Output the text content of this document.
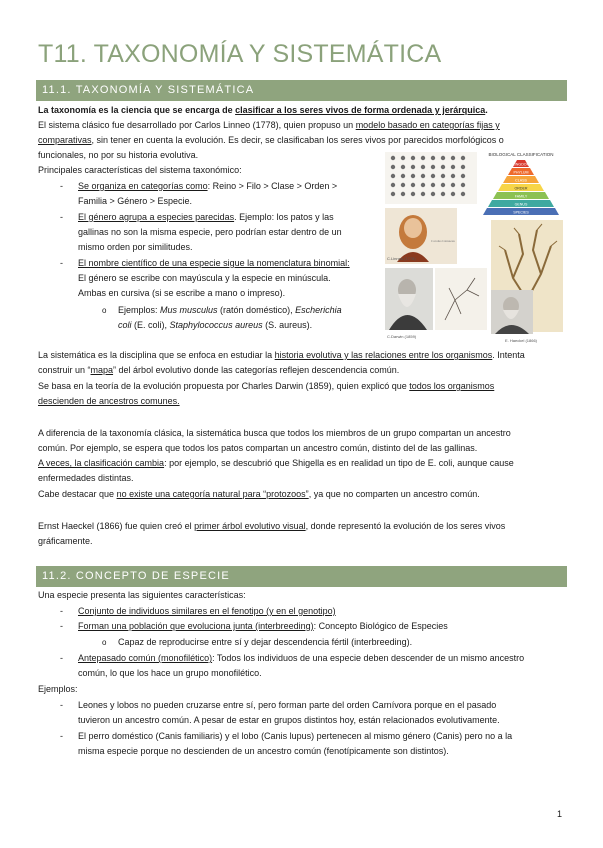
T11. TAXONOMÍA Y SISTEMÁTICA
11.1. TAXONOMÍA Y SISTEMÁTICA

La taxonomía es la ciencia que se encarga de clasificar a los seres vivos de forma ordenada y jerárquica.

El sistema clásico fue desarrollado por Carlos Linneo (1778), quien propuso un modelo basado en categorías fijas y

comparativas, sin tener en cuenta la evolución. Es decir, se clasificaban los seres vivos por parecidos morfológicos o

funcionales, no por su historia evolutiva.

Principales características del sistema taxonómico:

- Se organiza en categorías como: Reino > Filo > Clase > Orden >

Familia > Género > Especie.

- El género agrupa a especies parecidas. Ejemplo: los patos y las

gallinas no son la misma especie, pero podrían estar dentro de un

mismo orden por similitudes.

- El nombre científico de una especie sigue la nomenclatura binomial:

El género se escribe con mayúscula y la especie en minúscula.

Ambas en cursiva (si se escribe a mano o impreso).

o Ejemplos: Mus musculus (ratón doméstico), Escherichia

coli (E. coli), Staphylococcus aureus (S. aureus).

BIOLOGICAL CLASSIFICATION
KINGDOM
PHYLUM
CLASS
ORDER
FAMILY
GENUS
SPECIES
Carolus Linnaeus
C.Linneo (1778)
C.Darwin (1859)
E. Haeckel (1866)

La sistemática es la disciplina que se enfoca en estudiar la historia evolutiva y las relaciones entre los organismos. Intenta

construir un “mapa” del árbol evolutivo donde las categorías reflejen descendencia común.

Se basa en la teoría de la evolución propuesta por Charles Darwin (1859), quien explicó que todos los organismos

descienden de ancestros comunes.

A diferencia de la taxonomía clásica, la sistemática busca que todos los miembros de un grupo compartan un ancestro

común. Por ejemplo, se espera que todos los patos compartan un ancestro común, distinto del de las gallinas.

A veces, la clasificación cambia: por ejemplo, se descubrió que Shigella es en realidad un tipo de E. coli, aunque cause

enfermedades distintas.

Cabe destacar que no existe una categoría natural para “protozoos”, ya que no comparten un ancestro común.

Ernst Haeckel (1866) fue quien creó el primer árbol evolutivo visual, donde representó la evolución de los seres vivos

gráficamente.

11.2. CONCEPTO DE ESPECIE

Una especie presenta las siguientes características:

- Conjunto de individuos similares en el fenotipo (y en el genotipo)

- Forman una población que evoluciona junta (interbreeding): Concepto Biológico de Especies

o Capaz de reproducirse entre sí y dejar descendencia fértil (interbreeding).

- Antepasado común (monofilético): Todos los individuos de una especie deben descender de un mismo ancestro

común, lo que los hace un grupo monofilético.

Ejemplos:

- Leones y lobos no pueden cruzarse entre sí, pero forman parte del orden Carnívora porque en el pasado

tuvieron un ancestro común. A pesar de estar en grupos distintos hoy, están relacionados evolutivamente.

- El perro doméstico (Canis familiaris) y el lobo (Canis lupus) pertenecen al mismo género (Canis) pero no a la

misma especie porque no descienden de un ancestro común (fenotípicamente son distintos).

1
